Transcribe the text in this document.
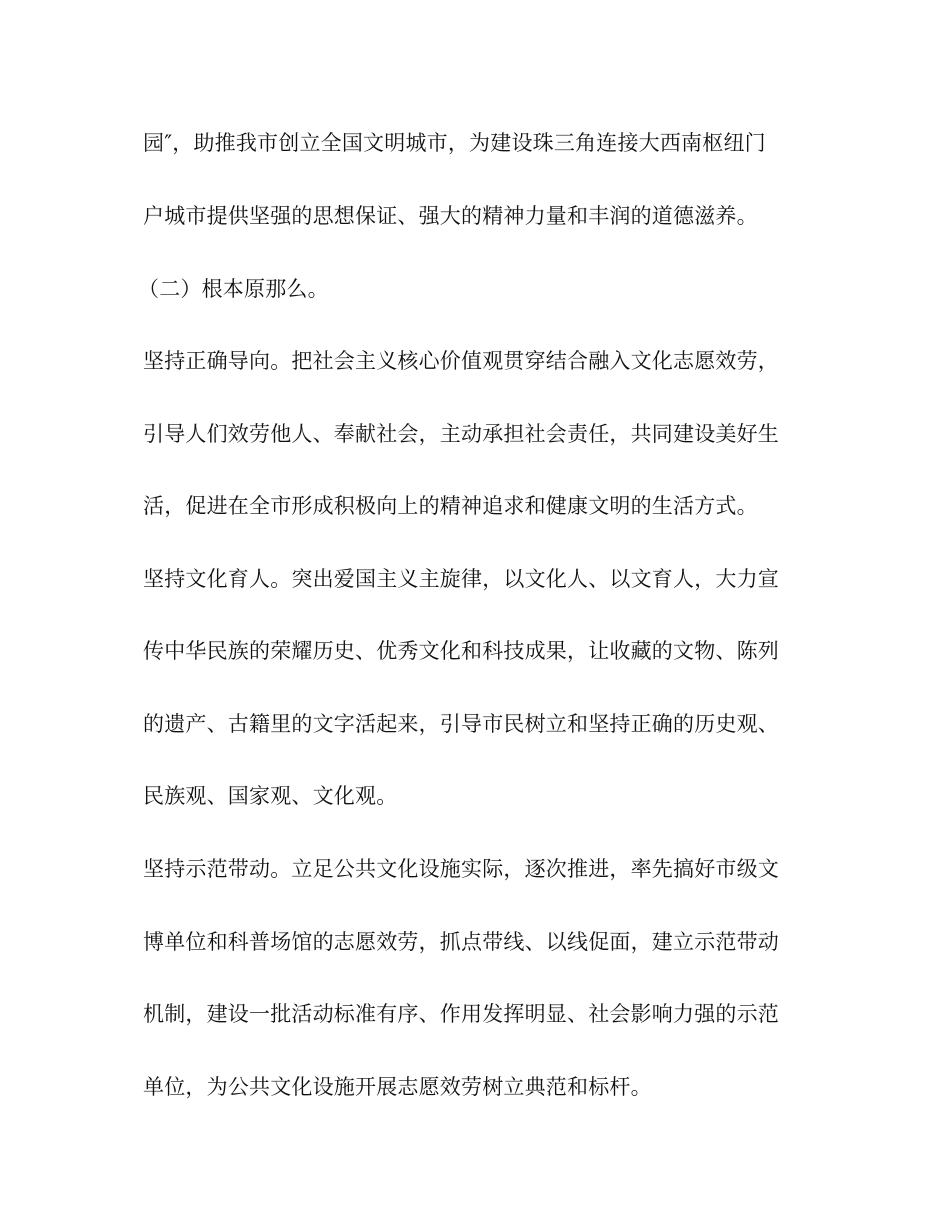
园″，助推我市创立全国文明城市，为建设珠三角连接大西南枢纽门
户城市提供坚强的思想保证、强大的精神力量和丰润的道德滋养。
（二）根本原那么。
坚持正确导向。把社会主义核心价值观贯穿结合融入文化志愿效劳，
引导人们效劳他人、奉献社会，主动承担社会责任，共同建设美好生
活，促进在全市形成积极向上的精神追求和健康文明的生活方式。
坚持文化育人。突出爱国主义主旋律，以文化人、以文育人，大力宣
传中华民族的荣耀历史、优秀文化和科技成果，让收藏的文物、陈列
的遗产、古籍里的文字活起来，引导市民树立和坚持正确的历史观、
民族观、国家观、文化观。
坚持示范带动。立足公共文化设施实际，逐次推进，率先搞好市级文
博单位和科普场馆的志愿效劳，抓点带线、以线促面，建立示范带动
机制，建设一批活动标准有序、作用发挥明显、社会影响力强的示范
单位，为公共文化设施开展志愿效劳树立典范和标杆。
